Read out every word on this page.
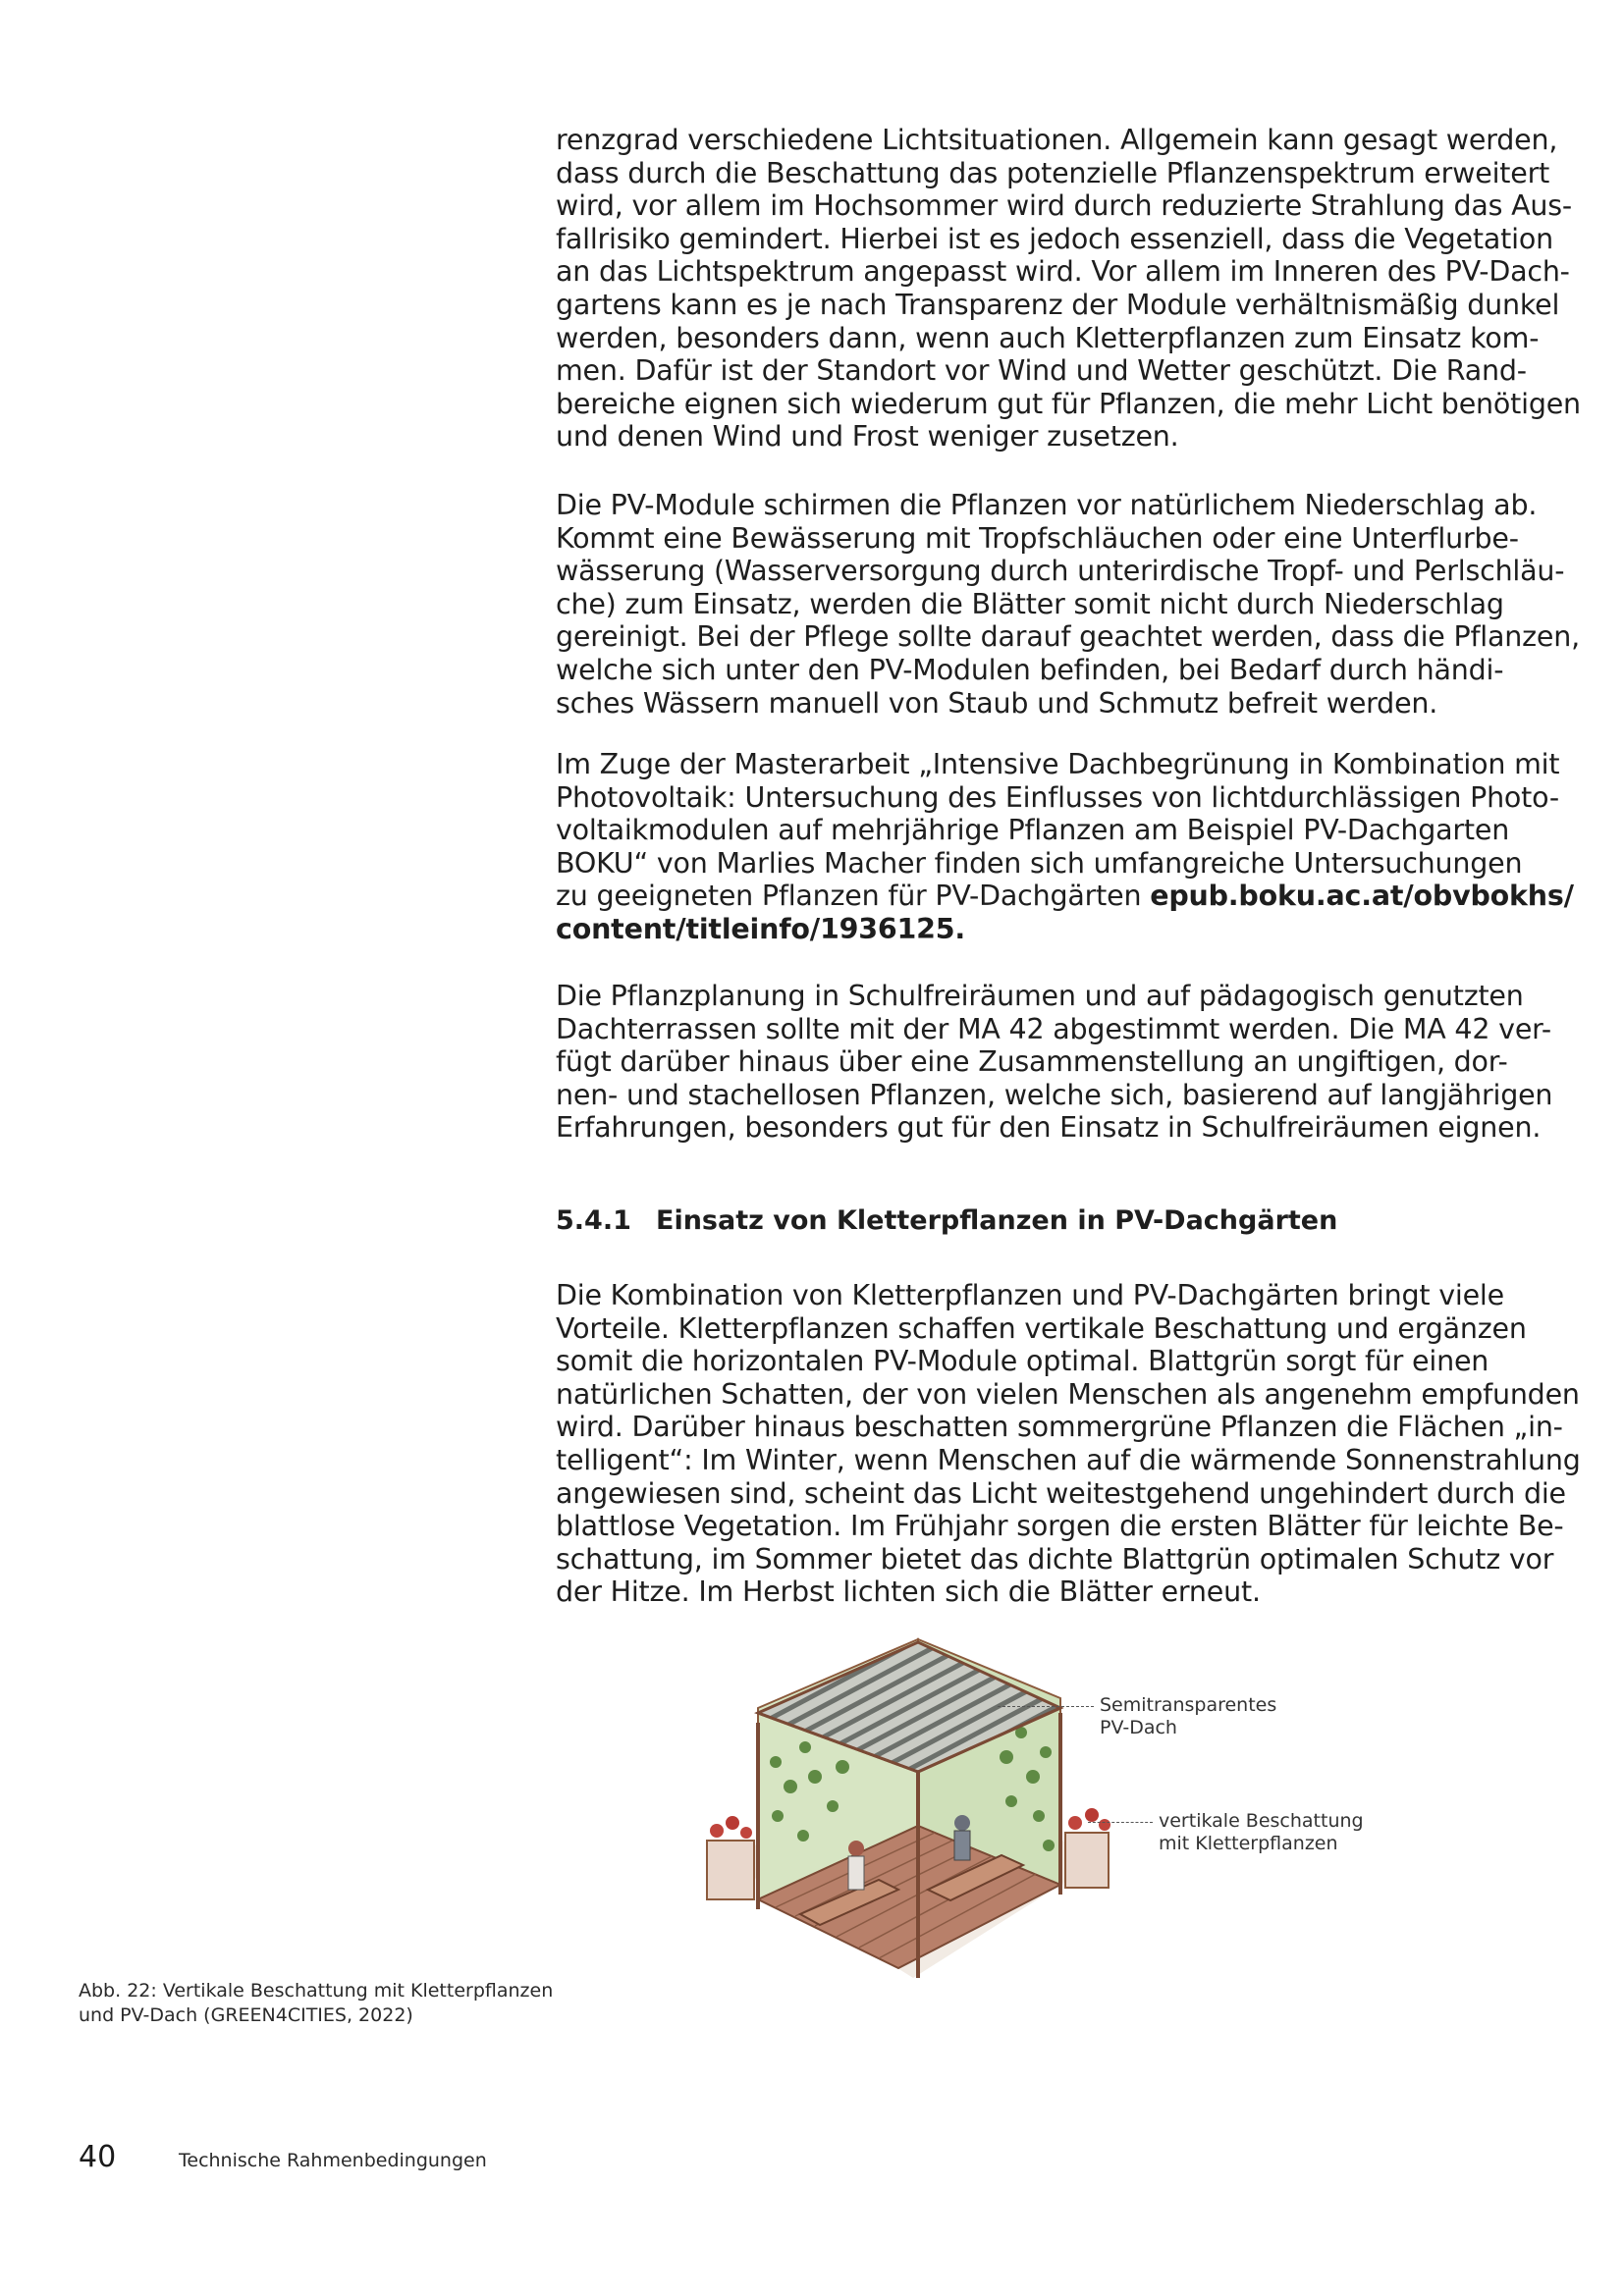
renzgrad verschiedene Lichtsituationen. Allgemein kann gesagt werden,
dass durch die Beschattung das potenzielle Pflanzenspektrum erweitert
wird, vor allem im Hochsommer wird durch reduzierte Strahlung das Aus-
fallrisiko gemindert. Hierbei ist es jedoch essenziell, dass die Vegetation
an das Lichtspektrum angepasst wird. Vor allem im Inneren des PV-Dach-
gartens kann es je nach Transparenz der Module verhältnismäßig dunkel
werden, besonders dann, wenn auch Kletterpflanzen zum Einsatz kom-
men. Dafür ist der Standort vor Wind und Wetter geschützt. Die Rand-
bereiche eignen sich wiederum gut für Pflanzen, die mehr Licht benötigen
und denen Wind und Frost weniger zusetzen.

Die PV-Module schirmen die Pflanzen vor natürlichem Niederschlag ab.
Kommt eine Bewässerung mit Tropfschläuchen oder eine Unterflurbe-
wässerung (Wasserversorgung durch unterirdische Tropf- und Perlschläu-
che) zum Einsatz, werden die Blätter somit nicht durch Niederschlag
gereinigt. Bei der Pflege sollte darauf geachtet werden, dass die Pflanzen,
welche sich unter den PV-Modulen befinden, bei Bedarf durch händi-
sches Wässern manuell von Staub und Schmutz befreit werden.

Im Zuge der Masterarbeit „Intensive Dachbegrünung in Kombination mit
Photovoltaik: Untersuchung des Einflusses von lichtdurchlässigen Photo-
voltaikmodulen auf mehrjährige Pflanzen am Beispiel PV-Dachgarten
BOKU“ von Marlies Macher finden sich umfangreiche Untersuchungen
zu geeigneten Pflanzen für PV-Dachgärten epub.boku.ac.at/obvbokhs/
content/titleinfo/1936125.

Die Pflanzplanung in Schulfreiräumen und auf pädagogisch genutzten
Dachterrassen sollte mit der MA 42 abgestimmt werden. Die MA 42 ver-
fügt darüber hinaus über eine Zusammenstellung an ungiftigen, dor-
nen- und stachellosen Pflanzen, welche sich, basierend auf langjährigen
Erfahrungen, besonders gut für den Einsatz in Schulfreiräumen eignen.

5.4.1 Einsatz von Kletterpflanzen in PV-Dachgärten

Die Kombination von Kletterpflanzen und PV-Dachgärten bringt viele
Vorteile. Kletterpflanzen schaffen vertikale Beschattung und ergänzen
somit die horizontalen PV-Module optimal. Blattgrün sorgt für einen
natürlichen Schatten, der von vielen Menschen als angenehm empfunden
wird. Darüber hinaus beschatten sommergrüne Pflanzen die Flächen „in-
telligent“: Im Winter, wenn Menschen auf die wärmende Sonnenstrahlung
angewiesen sind, scheint das Licht weitestgehend ungehindert durch die
blattlose Vegetation. Im Frühjahr sorgen die ersten Blätter für leichte Be-
schattung, im Sommer bietet das dichte Blattgrün optimalen Schutz vor
der Hitze. Im Herbst lichten sich die Blätter erneut.

Semitransparentes
PV-Dach
vertikale Beschattung
mit Kletterpflanzen
Abb. 22: Vertikale Beschattung mit Kletterpflanzen
und PV-Dach (GREEN4CITIES, 2022)
40	Technische Rahmenbedingungen
